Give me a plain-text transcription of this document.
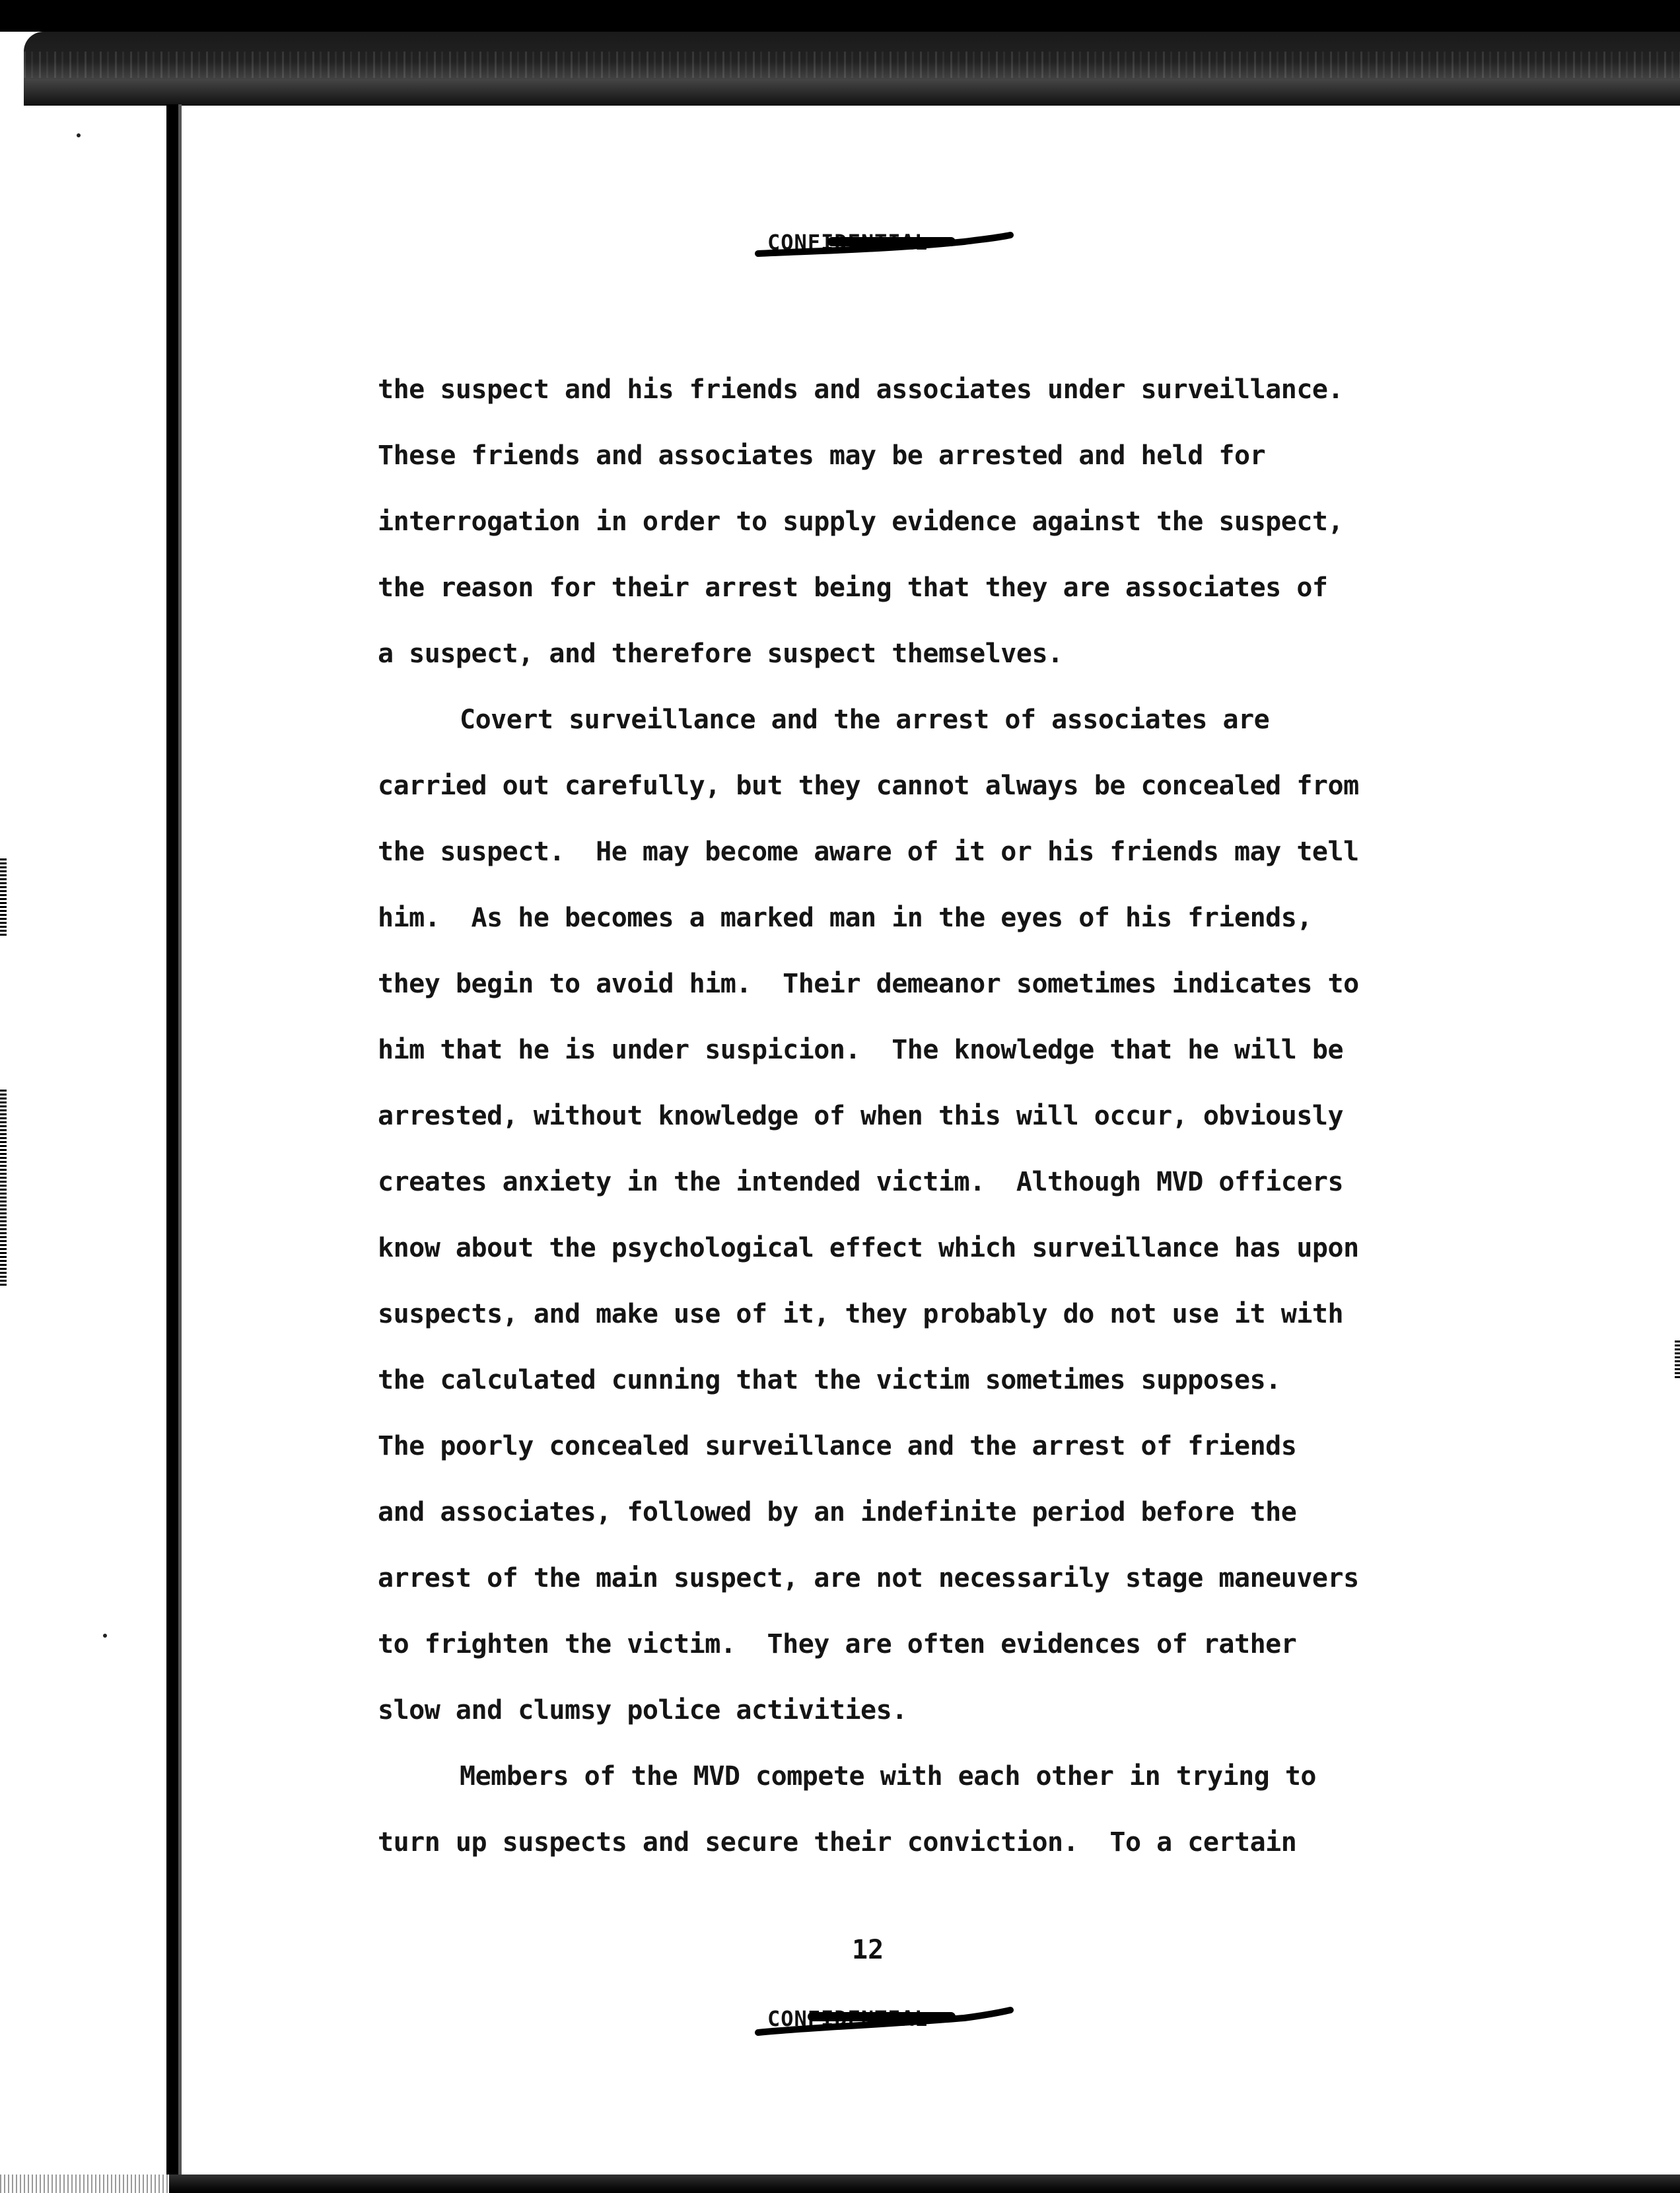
CONFIDENTIAL
the suspect and his friends and associates under surveillance.
These friends and associates may be arrested and held for
interrogation in order to supply evidence against the suspect,
the reason for their arrest being that they are associates of
a suspect, and therefore suspect themselves.
Covert surveillance and the arrest of associates are
carried out carefully, but they cannot always be concealed from
the suspect.  He may become aware of it or his friends may tell
him.  As he becomes a marked man in the eyes of his friends,
they begin to avoid him.  Their demeanor sometimes indicates to
him that he is under suspicion.  The knowledge that he will be
arrested, without knowledge of when this will occur, obviously
creates anxiety in the intended victim.  Although MVD officers
know about the psychological effect which surveillance has upon
suspects, and make use of it, they probably do not use it with
the calculated cunning that the victim sometimes supposes.
The poorly concealed surveillance and the arrest of friends
and associates, followed by an indefinite period before the
arrest of the main suspect, are not necessarily stage maneuvers
to frighten the victim.  They are often evidences of rather
slow and clumsy police activities.
Members of the MVD compete with each other in trying to
turn up suspects and secure their conviction.  To a certain
12
CONFIDENTIAL
